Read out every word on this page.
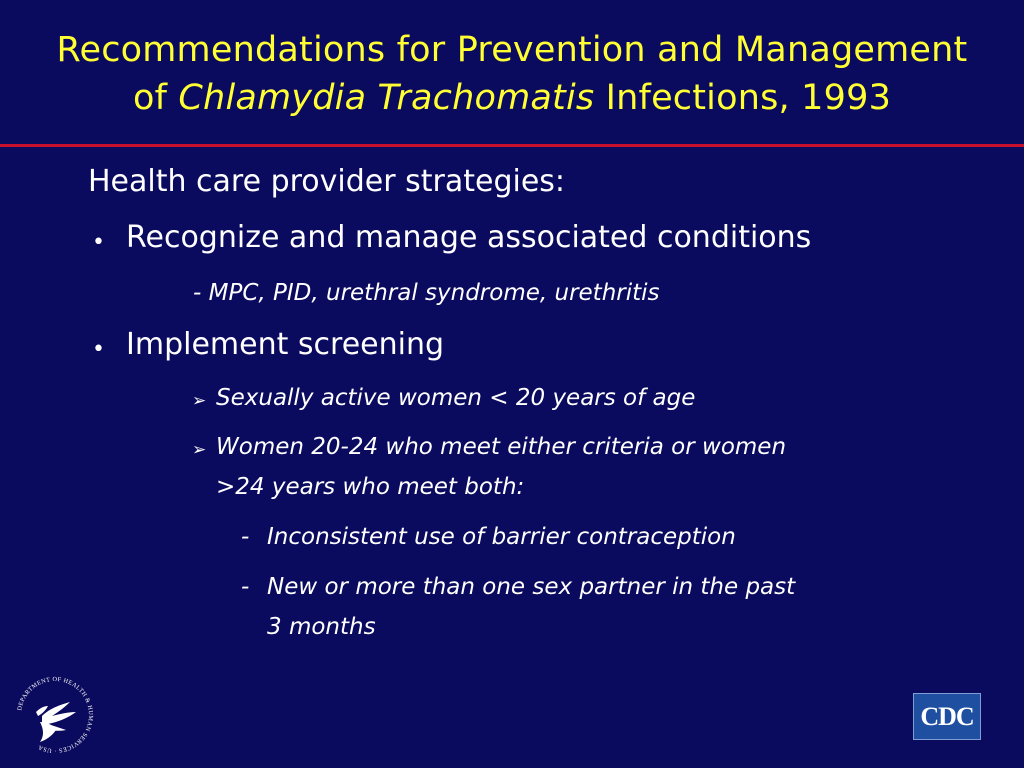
Recommendations for Prevention and Management
of Chlamydia Trachomatis Infections, 1993
Health care provider strategies:
• Recognize and manage associated conditions
- MPC, PID, urethral syndrome, urethritis
• Implement screening
➢ Sexually active women < 20 years of age
➢ Women 20-24 who meet either criteria or women
>24 years who meet both:
- Inconsistent use of barrier contraception
- New or more than one sex partner in the past
3 months
DEPARTMENT OF HEALTH & HUMAN SERVICES · USA
CDC
